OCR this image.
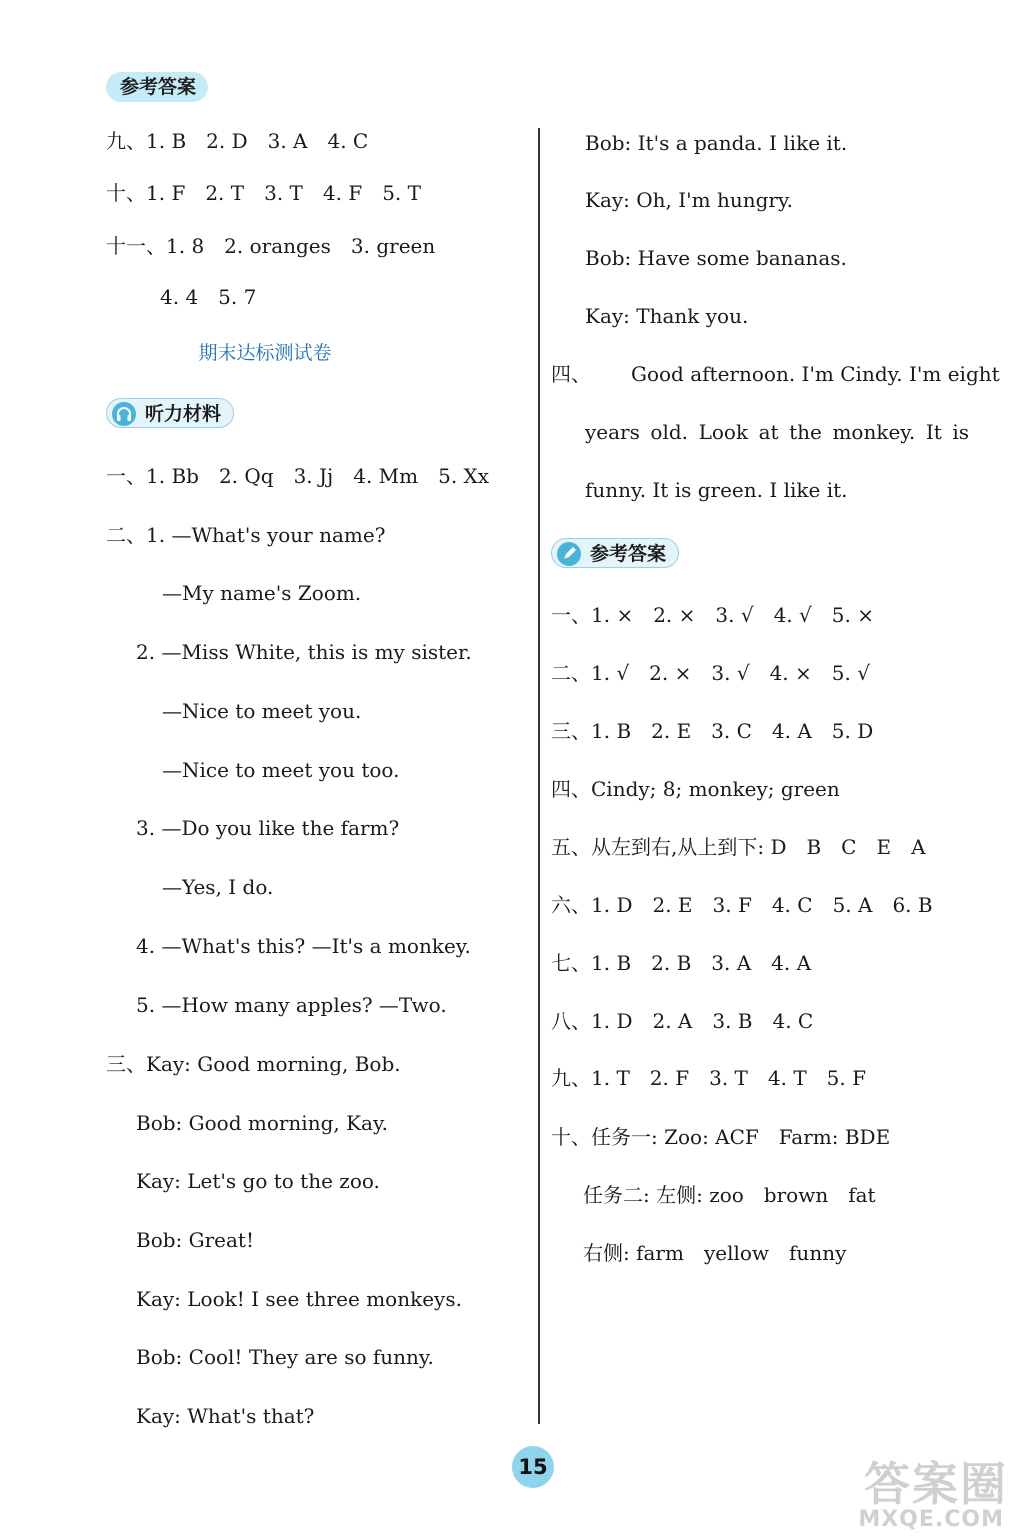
参考答案
九、1. B　2. D　3. A　4. C
十、1. F　2. T　3. T　4. F　5. T
十一、1. 8　2. oranges　3. green
4. 4　5. 7
期末达标测试卷
听力材料
一、1. Bb　2. Qq　3. Jj　4. Mm　5. Xx
二、1. —What's your name?
—My name's Zoom.
2. —Miss White, this is my sister.
—Nice to meet you.
—Nice to meet you too.
3. —Do you like the farm?
—Yes, I do.
4. —What's this? —It's a monkey.
5. —How many apples? —Two.
三、Kay: Good morning, Bob.
Bob: Good morning, Kay.
Kay: Let's go to the zoo.
Bob: Great!
Kay: Look! I see three monkeys.
Bob: Cool! They are so funny.
Kay: What's that?
Bob: It's a panda. I like it.
Kay: Oh, I'm hungry.
Bob: Have some bananas.
Kay: Thank you.
四、 Good afternoon. I'm Cindy. I'm eight
years old. Look at the monkey. It is
funny. It is green. I like it.
参考答案
一、1. ×　2. ×　3. √　4. √　5. ×
二、1. √　2. ×　3. √　4. ×　5. √
三、1. B　2. E　3. C　4. A　5. D
四、Cindy; 8; monkey; green
五、从左到右,从上到下: D　B　C　E　A
六、1. D　2. E　3. F　4. C　5. A　6. B
七、1. B　2. B　3. A　4. A
八、1. D　2. A　3. B　4. C
九、1. T　2. F　3. T　4. T　5. F
十、任务一: Zoo: ACF　Farm: BDE
任务二: 左侧: zoo　brown　fat
右侧: farm　yellow　funny
15	答案圈
MXQE.COM
